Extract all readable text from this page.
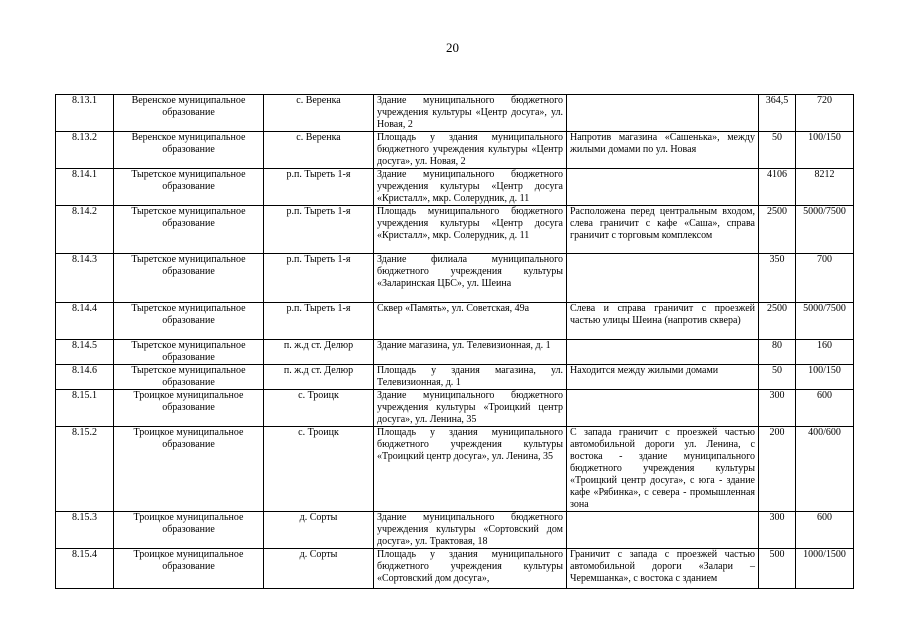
20
8.13.1	Веренское муниципальное образование	с. Веренка	Здание муниципального бюджетного учреждения культуры «Центр досуга», ул. Новая, 2		364,5	720
8.13.2	Веренское муниципальное образование	с. Веренка	Площадь у здания муниципального бюджетного учреждения культуры «Центр досуга», ул. Новая, 2	Напротив магазина «Сашенька», между жилыми домами по ул. Новая	50	100/150
8.14.1	Тыретское муниципальное образование	р.п. Тыреть 1-я	Здание муниципального бюджетного учреждения культуры «Центр досуга «Кристалл», мкр. Солерудник, д. 11		4106	8212
8.14.2	Тыретское муниципальное образование	р.п. Тыреть 1-я	Площадь муниципального бюджетного учреждения культуры «Центр досуга «Кристалл», мкр. Солерудник, д. 11	Расположена перед центральным входом, слева граничит с кафе «Саша», справа граничит с торговым комплексом	2500	5000/7500
8.14.3	Тыретское муниципальное образование	р.п. Тыреть 1-я	Здание филиала муниципального бюджетного учреждения культуры «Заларинская ЦБС», ул. Шеина		350	700
8.14.4	Тыретское муниципальное образование	р.п. Тыреть 1-я	Сквер «Память», ул. Советская, 49а	Слева и справа граничит с проезжей частью улицы Шеина (напротив сквера)	2500	5000/7500
8.14.5	Тыретское муниципальное образование	п. ж.д ст. Делюр	Здание магазина, ул. Телевизионная, д. 1		80	160
8.14.6	Тыретское муниципальное образование	п. ж.д ст. Делюр	Площадь у здания магазина, ул. Телевизионная, д. 1	Находится между жилыми домами	50	100/150
8.15.1	Троицкое муниципальное образование	с. Троицк	Здание муниципального бюджетного учреждения культуры «Троицкий центр досуга», ул. Ленина, 35		300	600
8.15.2	Троицкое муниципальное образование	с. Троицк	Площадь у здания муниципального бюджетного учреждения культуры «Троицкий центр досуга», ул. Ленина, 35	С запада граничит с проезжей частью автомобильной дороги ул. Ленина, с востока - здание муниципального бюджетного учреждения культуры «Троицкий центр досуга», с юга - здание кафе «Рябинка», с севера - промышленная зона	200	400/600
8.15.3	Троицкое муниципальное образование	д. Сорты	Здание муниципального бюджетного учреждения культуры «Сортовский дом досуга», ул. Трактовая, 18		300	600
8.15.4	Троицкое муниципальное образование	д. Сорты	Площадь у здания муниципального бюджетного учреждения культуры «Сортовский дом досуга»,	Граничит с запада с проезжей частью автомобильной дороги «Залари – Черемшанка», с востока с зданием	500	1000/1500
